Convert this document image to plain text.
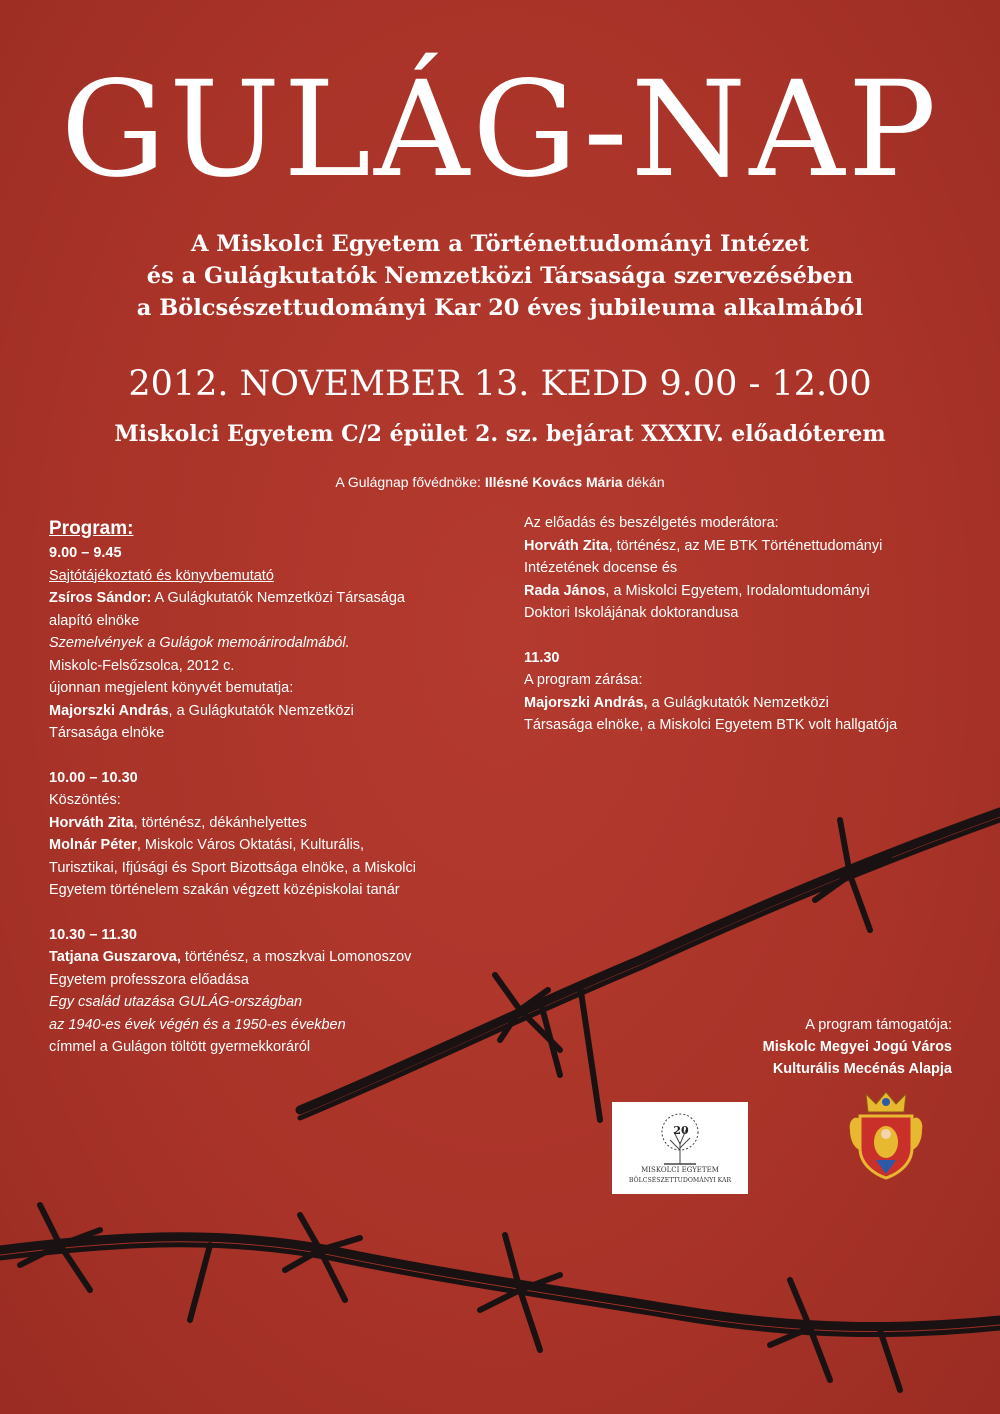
GULÁG-NAP
A Miskolci Egyetem a Történettudományi Intézet
és a Gulágkutatók Nemzetközi Társasága szervezésében
a Bölcsészettudományi Kar 20 éves jubileuma alkalmából
2012. NOVEMBER 13. KEDD 9.00 - 12.00
Miskolci Egyetem C/2 épület 2. sz. bejárat XXXIV. előadóterem
A Gulágnap fővédnöke: Illésné Kovács Mária dékán
Program:
9.00 – 9.45
Sajtótájékoztató és könyvbemutató
Zsíros Sándor: A Gulágkutatók Nemzetközi Társasága
alapító elnöke
Szemelvények a Gulágok memoárirodalmából.
Miskolc-Felsőzsolca, 2012 c.
újonnan megjelent könyvét bemutatja:
Majorszki András, a Gulágkutatók Nemzetközi
Társasága elnöke
10.00 – 10.30
Köszöntés:
Horváth Zita, történész, dékánhelyettes
Molnár Péter, Miskolc Város Oktatási, Kulturális,
Turisztikai, Ifjúsági és Sport Bizottsága elnöke, a Miskolci
Egyetem történelem szakán végzett középiskolai tanár
10.30 – 11.30
Tatjana Guszarova, történész, a moszkvai Lomonoszov
Egyetem professzora előadása
Egy család utazása GULÁG-országban
az 1940-es évek végén és a 1950-es években
címmel a Gulágon töltött gyermekkoráról
Az előadás és beszélgetés moderátora:
Horváth Zita, történész, az ME BTK Történettudományi
Intézetének docense és
Rada János, a Miskolci Egyetem, Irodalomtudományi
Doktori Iskolájának doktorandusa
11.30
A program zárása:
Majorszki András, a Gulágkutatók Nemzetközi
Társasága elnöke, a Miskolci Egyetem BTK volt hallgatója
A program támogatója:
Miskolc Megyei Jogú Város
Kulturális Mecénás Alapja
20
MISKOLCI EGYETEM
BÖLCSÉSZETTUDOMÁNYI KAR
